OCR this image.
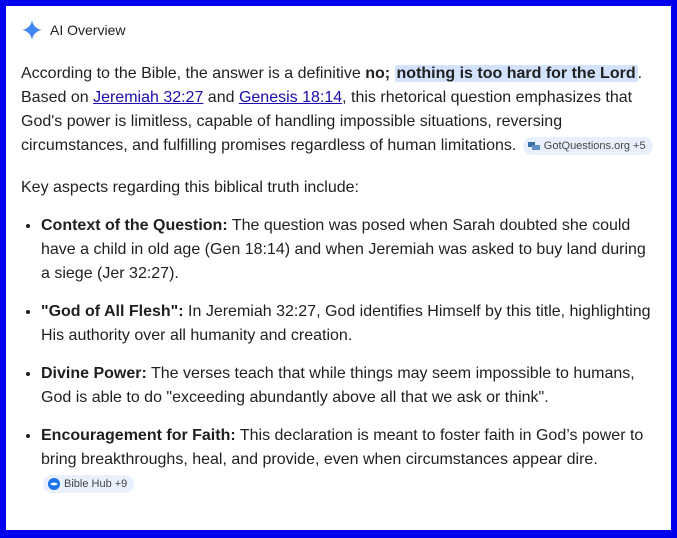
AI Overview

According to the Bible, the answer is a definitive no; nothing is too hard for the Lord . Based on Jeremiah 32:27 and Genesis 18:14, this rhetorical question emphasizes that God's power is limitless, capable of handling impossible situations, reversing circumstances, and fulfilling promises regardless of human limitations. GotQuestions.org +5

Key aspects regarding this biblical truth include:

• Context of the Question: The question was posed when Sarah doubted she could have a child in old age (Gen 18:14) and when Jeremiah was asked to buy land during a siege (Jer 32:27).
• "God of All Flesh": In Jeremiah 32:27, God identifies Himself by this title, highlighting His authority over all humanity and creation.
• Divine Power: The verses teach that while things may seem impossible to humans, God is able to do "exceeding abundantly above all that we ask or think".
• Encouragement for Faith: This declaration is meant to foster faith in God’s power to bring breakthroughs, heal, and provide, even when circumstances appear dire.
Bible Hub +9
